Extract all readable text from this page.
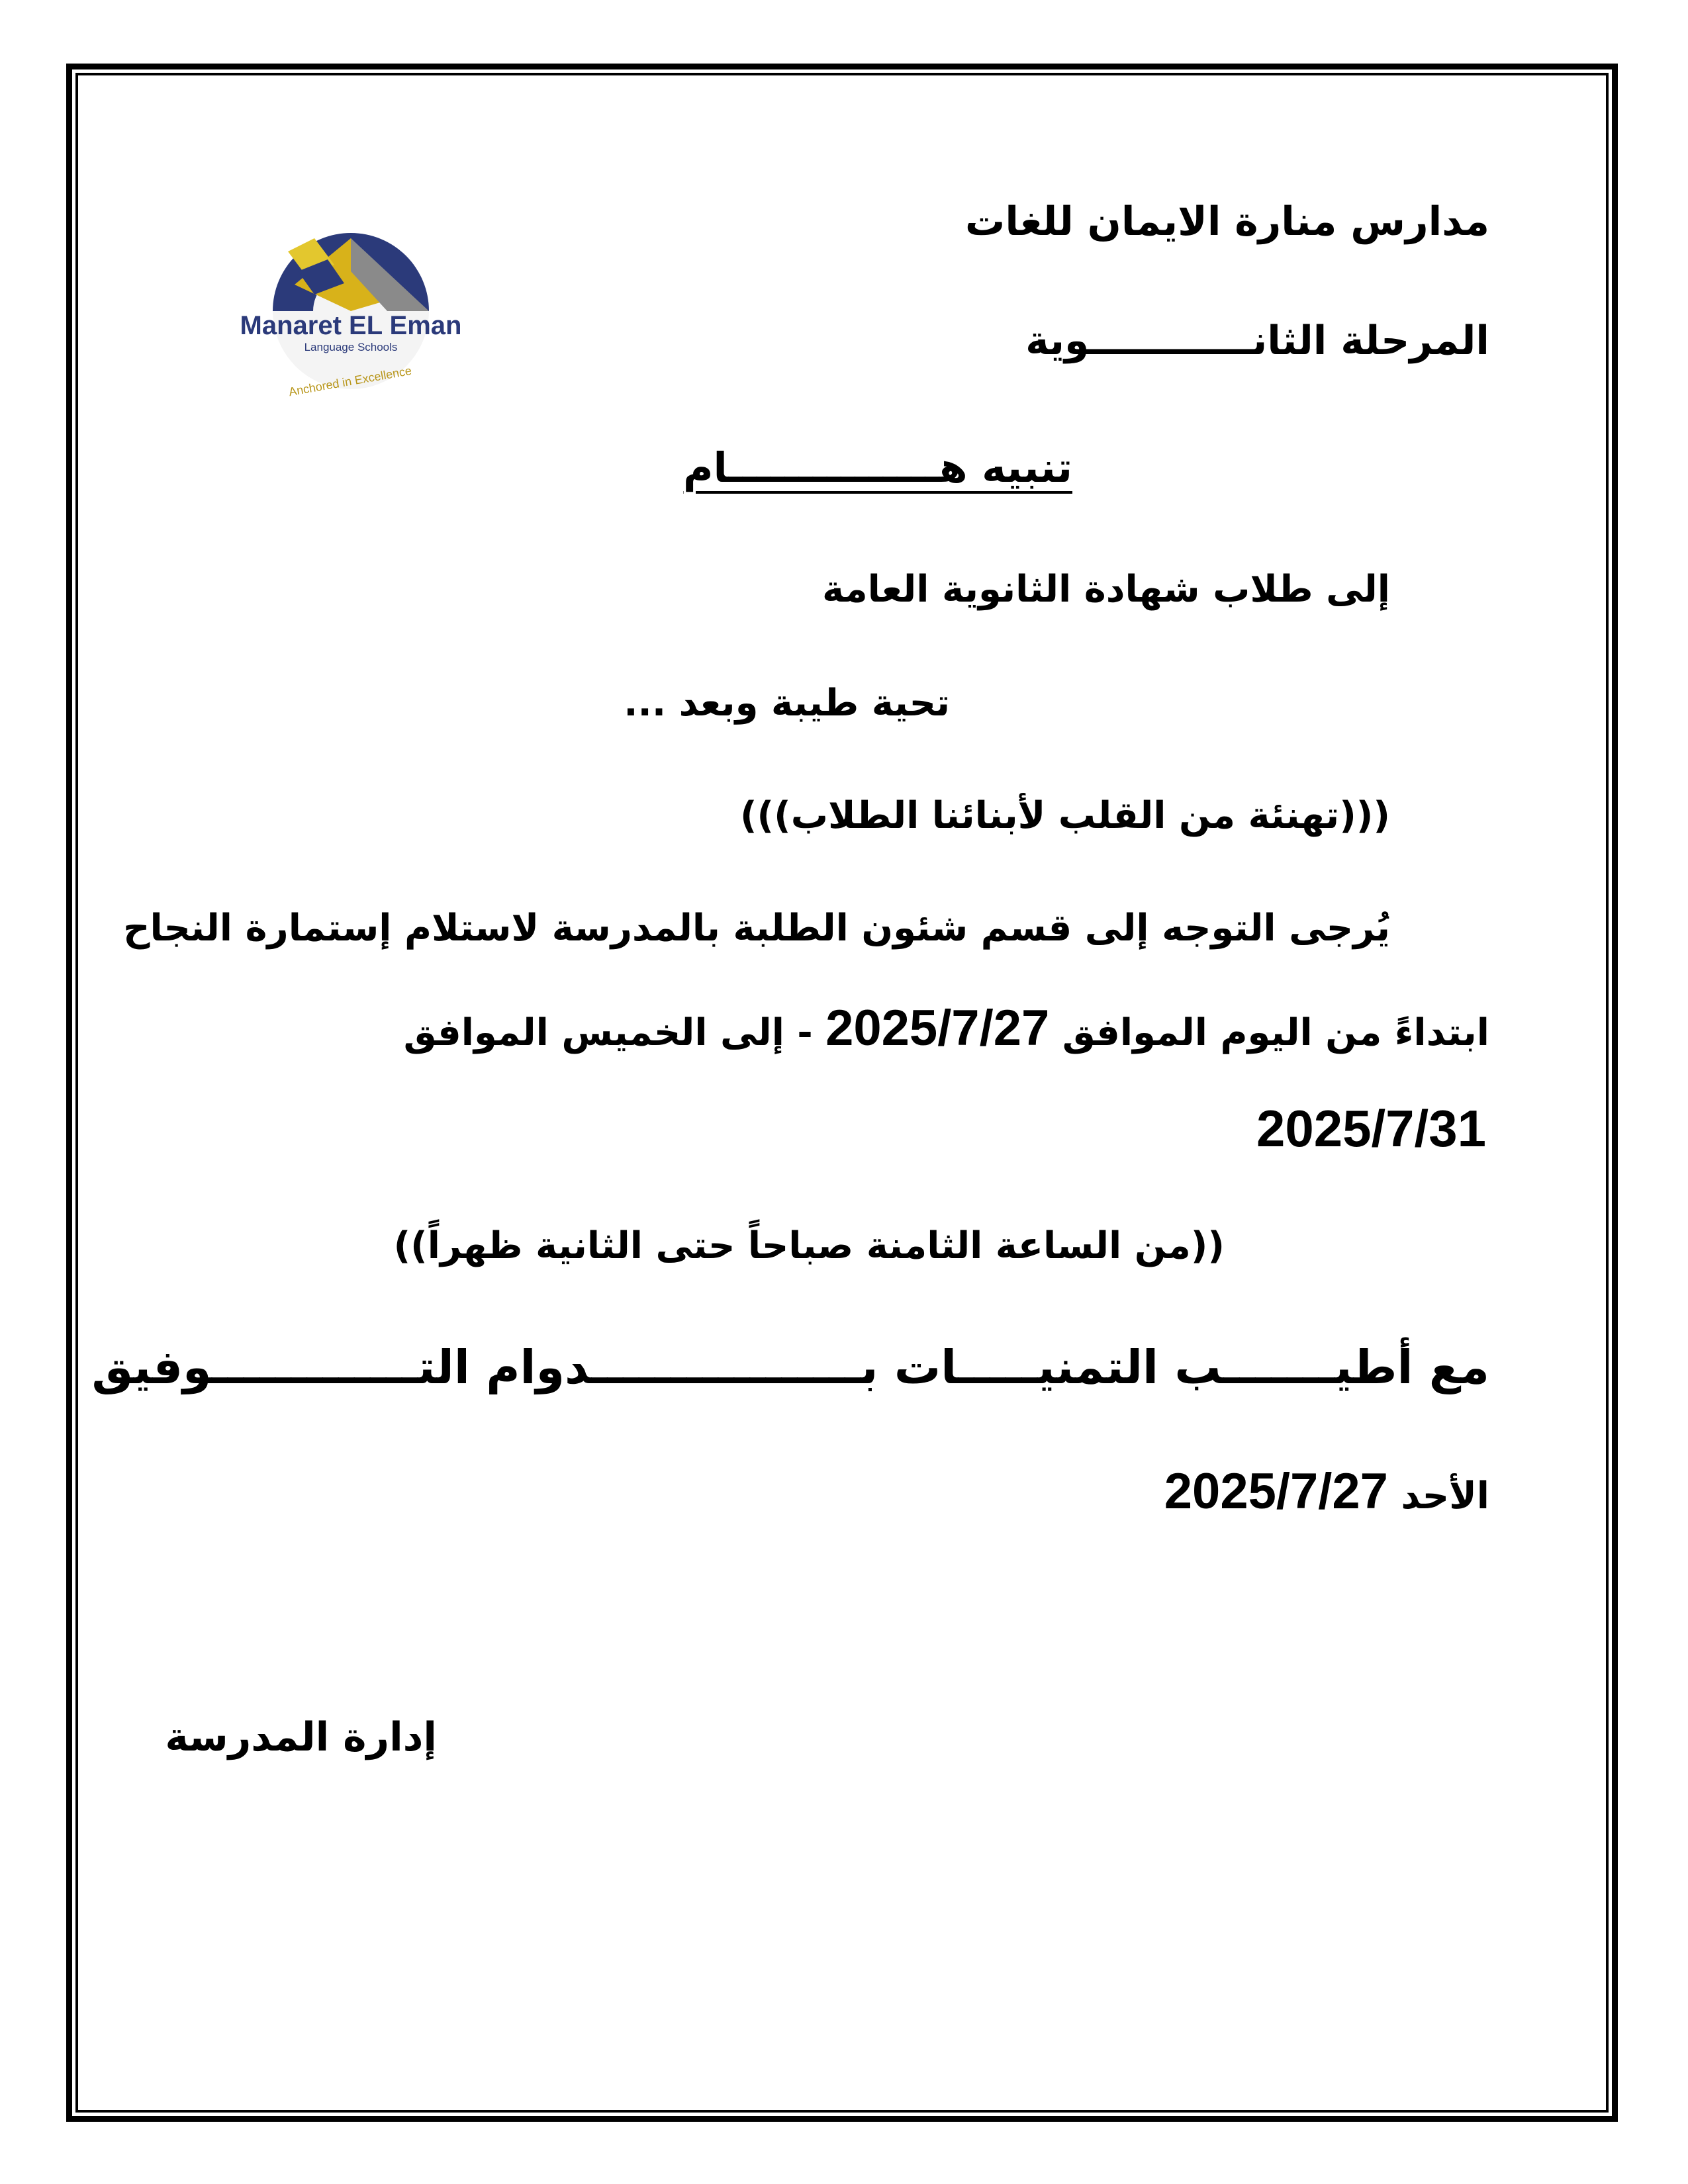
Manaret EL Eman
Language Schools
Anchored in Excellence

مدارس منارة الايمان للغات

المرحلة الثانــــــــــــوية

تنبيه هـــــــــــــــام

إلى طلاب شهادة الثانوية العامة

تحية طيبة وبعد ...

(((تهنئة من القلب لأبنائنا الطلاب)))

يُرجى التوجه إلى قسم شئون الطلبة بالمدرسة لاستلام إستمارة النجاح

ابتداءً من اليوم الموافق 2025/7/27 - إلى الخميس الموافق

2025/7/31

((من الساعة الثامنة صباحاً حتى الثانية ظهراً))

مع أطيـــــــب التمنيـــــات بـــــــــــــــــدوام التـــــــــــــوفيق

الأحد 2025/7/27

إدارة المدرسة
